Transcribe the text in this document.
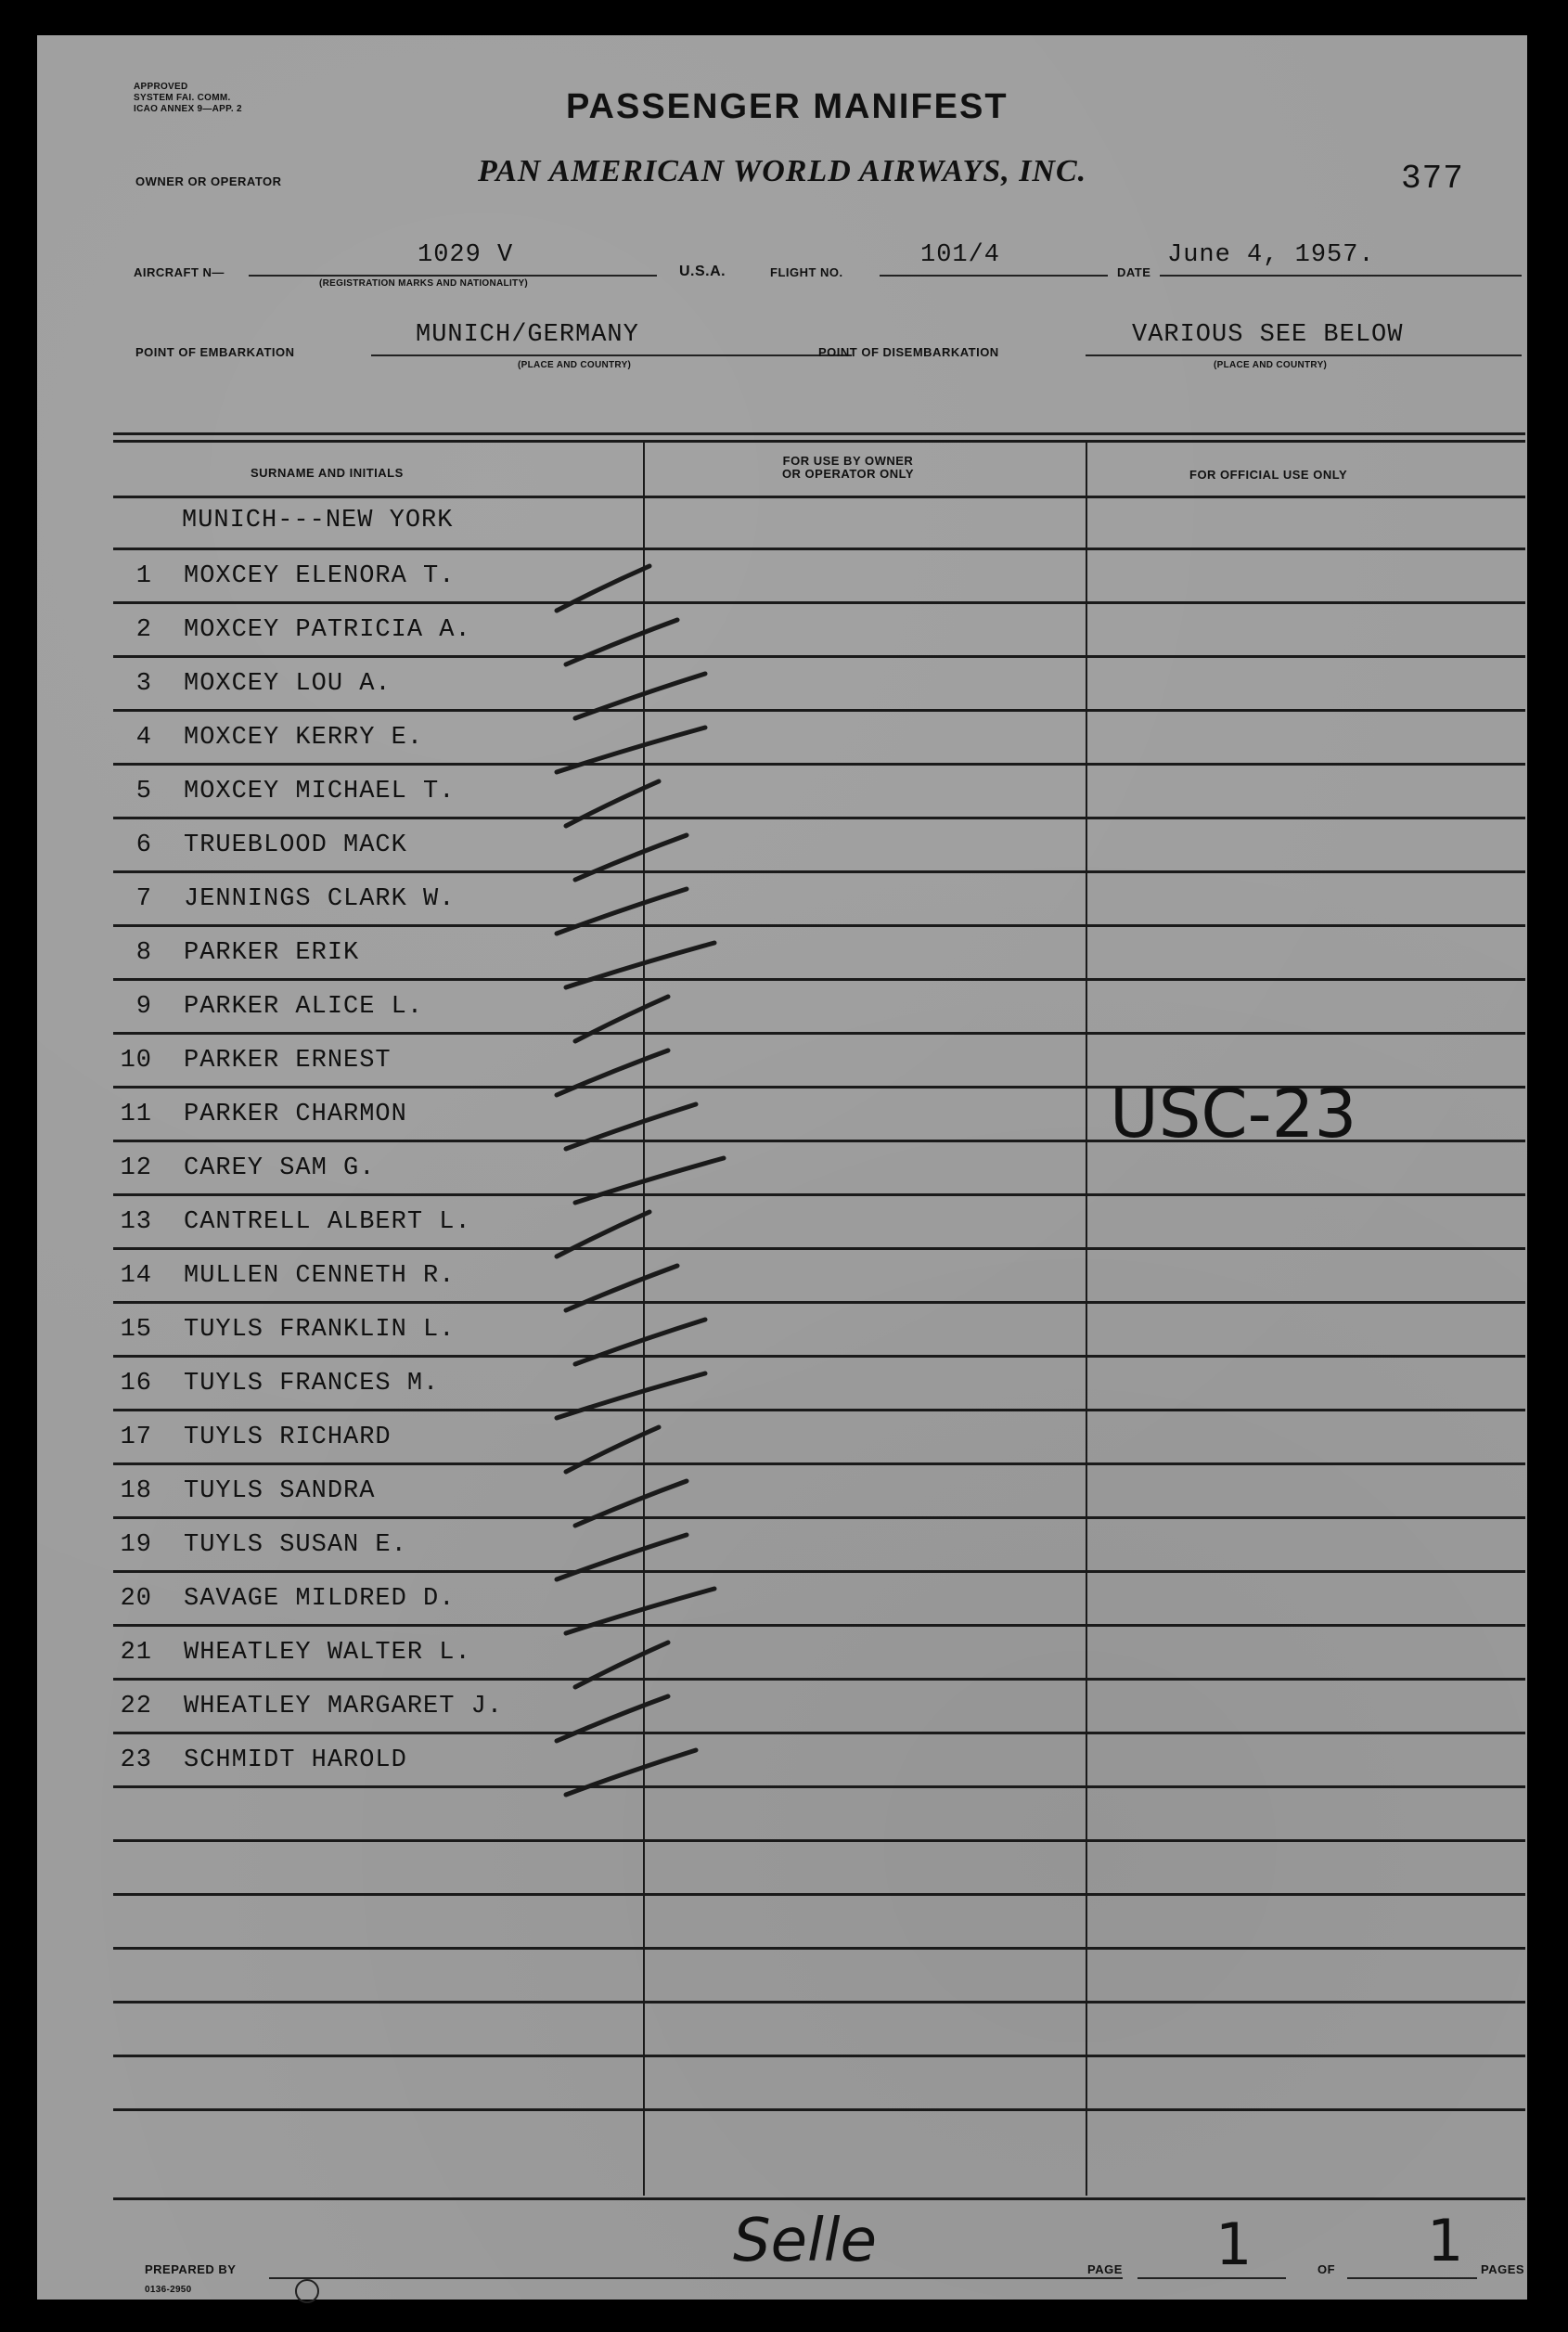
APPROVED
SYSTEM FAI. COMM.
ICAO ANNEX 9—APP. 2	PASSENGER MANIFEST
OWNER OR OPERATOR	PAN AMERICAN WORLD AIRWAYS, INC.	377
AIRCRAFT N—
1029 V
(REGISTRATION MARKS AND NATIONALITY)
U.S.A.	FLIGHT NO.
101/4
DATE
June 4, 1957.
POINT OF EMBARKATION
MUNICH/GERMANY
(PLACE AND COUNTRY)
POINT OF DISEMBARKATION
VARIOUS SEE BELOW
(PLACE AND COUNTRY)
SURNAME AND INITIALS
FOR USE BY OWNER
OR OPERATOR ONLY	FOR OFFICIAL USE ONLY
MUNICH---NEW YORK
1 MOXCEY ELENORA T.
2 MOXCEY PATRICIA A.
3 MOXCEY LOU A.
4 MOXCEY KERRY E.
5 MOXCEY MICHAEL T.
6 TRUEBLOOD MACK
7 JENNINGS CLARK W.
8 PARKER ERIK
9 PARKER ALICE L.
10 PARKER ERNEST
11 PARKER CHARMON
12 CAREY SAM G.
13 CANTRELL ALBERT L.
14 MULLEN CENNETH R.
15 TUYLS FRANKLIN L.
16 TUYLS FRANCES M.
17 TUYLS RICHARD
18 TUYLS SANDRA
19 TUYLS SUSAN E.
20 SAVAGE MILDRED D.
21 WHEATLEY WALTER L.
22 WHEATLEY MARGARET J.
23 SCHMIDT HAROLD
USC-23
PREPARED BY
0136-2950
Selle	PAGE 1	OF 1 PAGES
